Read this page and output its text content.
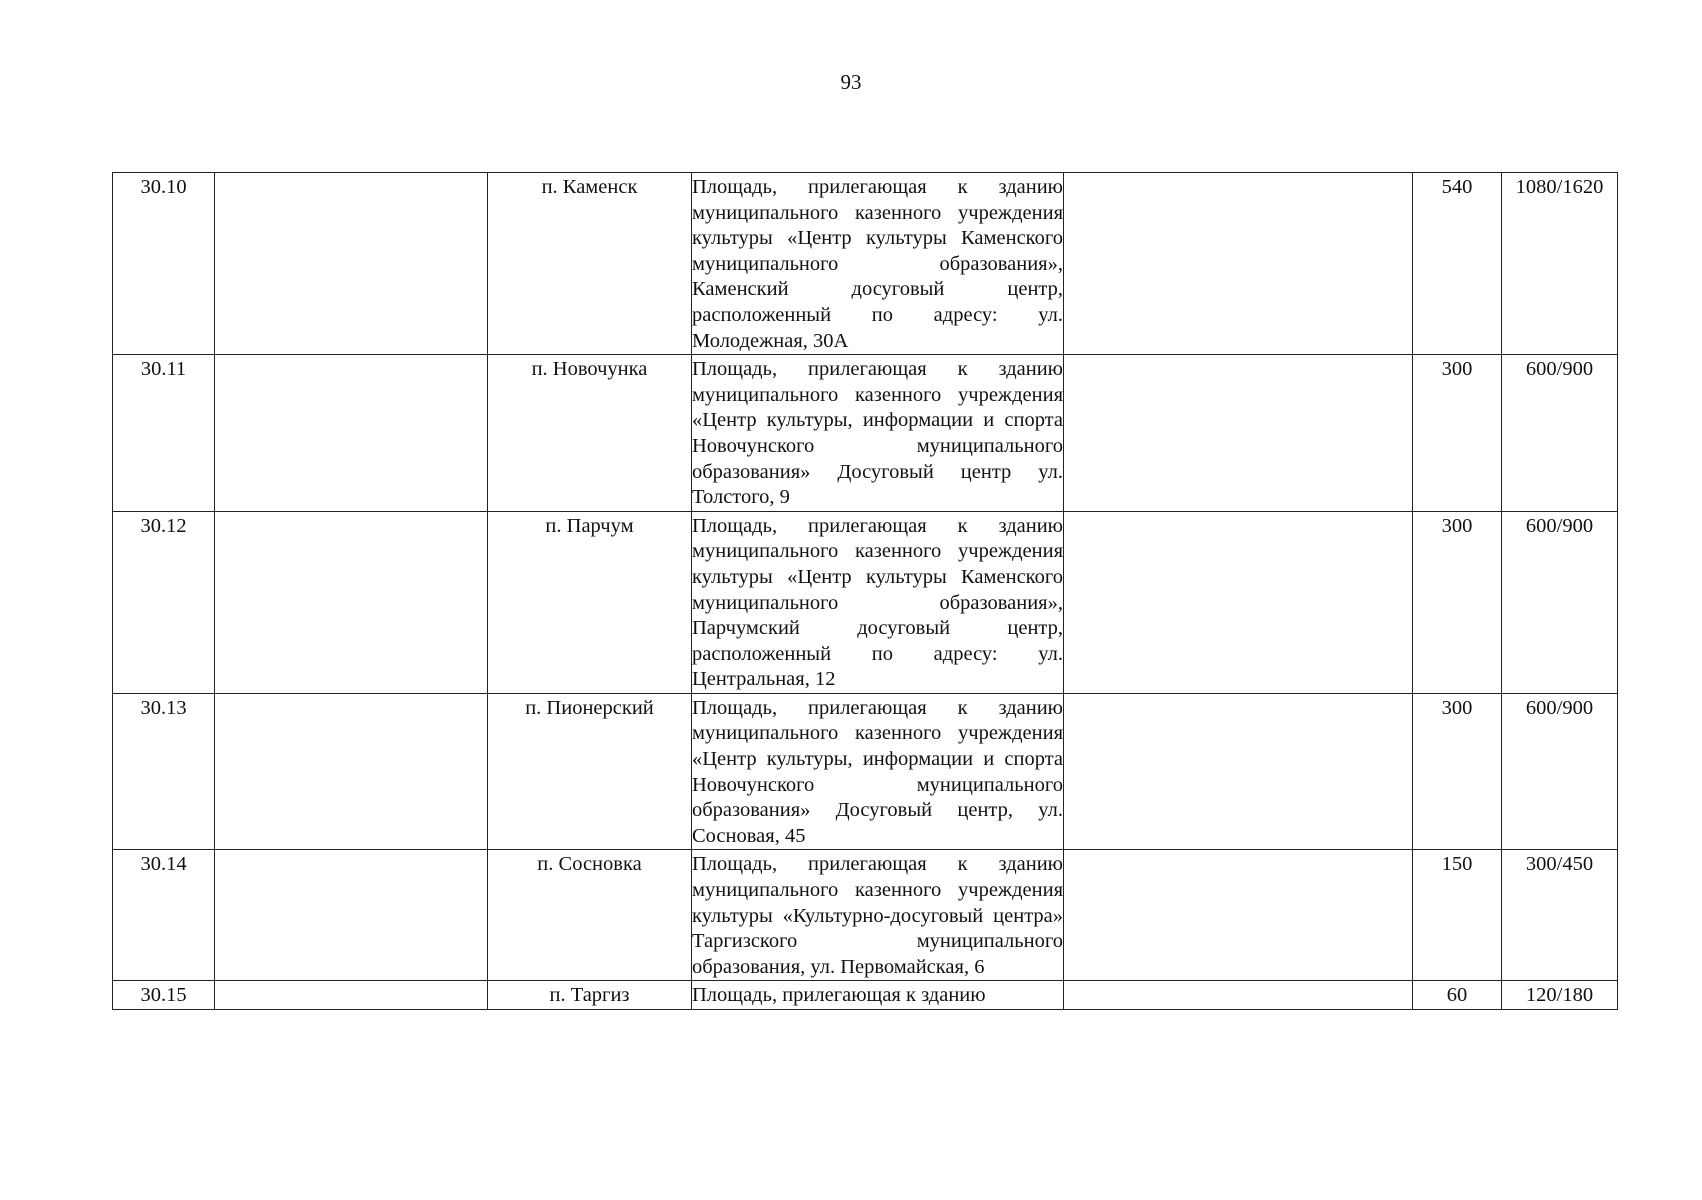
93
30.10		п. Каменск	Площадь, прилегающая к зданию муниципального казенного учреждения культуры «Центр культуры Каменского муниципального образования», Каменский досуговый центр, расположенный по адресу: ул. Молодежная, 30А		540	1080/1620
30.11		п. Новочунка	Площадь, прилегающая к зданию муниципального казенного учреждения «Центр культуры, информации и спорта Новочунского муниципального образования» Досуговый центр ул. Толстого, 9		300	600/900
30.12		п. Парчум	Площадь, прилегающая к зданию муниципального казенного учреждения культуры «Центр культуры Каменского муниципального образования», Парчумский досуговый центр, расположенный по адресу: ул. Центральная, 12		300	600/900
30.13		п. Пионерский	Площадь, прилегающая к зданию муниципального казенного учреждения «Центр культуры, информации и спорта Новочунского муниципального образования» Досуговый центр, ул. Сосновая, 45		300	600/900
30.14		п. Сосновка	Площадь, прилегающая к зданию муниципального казенного учреждения культуры «Культурно-досуговый центра» Таргизского муниципального образования, ул. Первомайская, 6		150	300/450
30.15		п. Таргиз	Площадь, прилегающая к зданию		60	120/180
